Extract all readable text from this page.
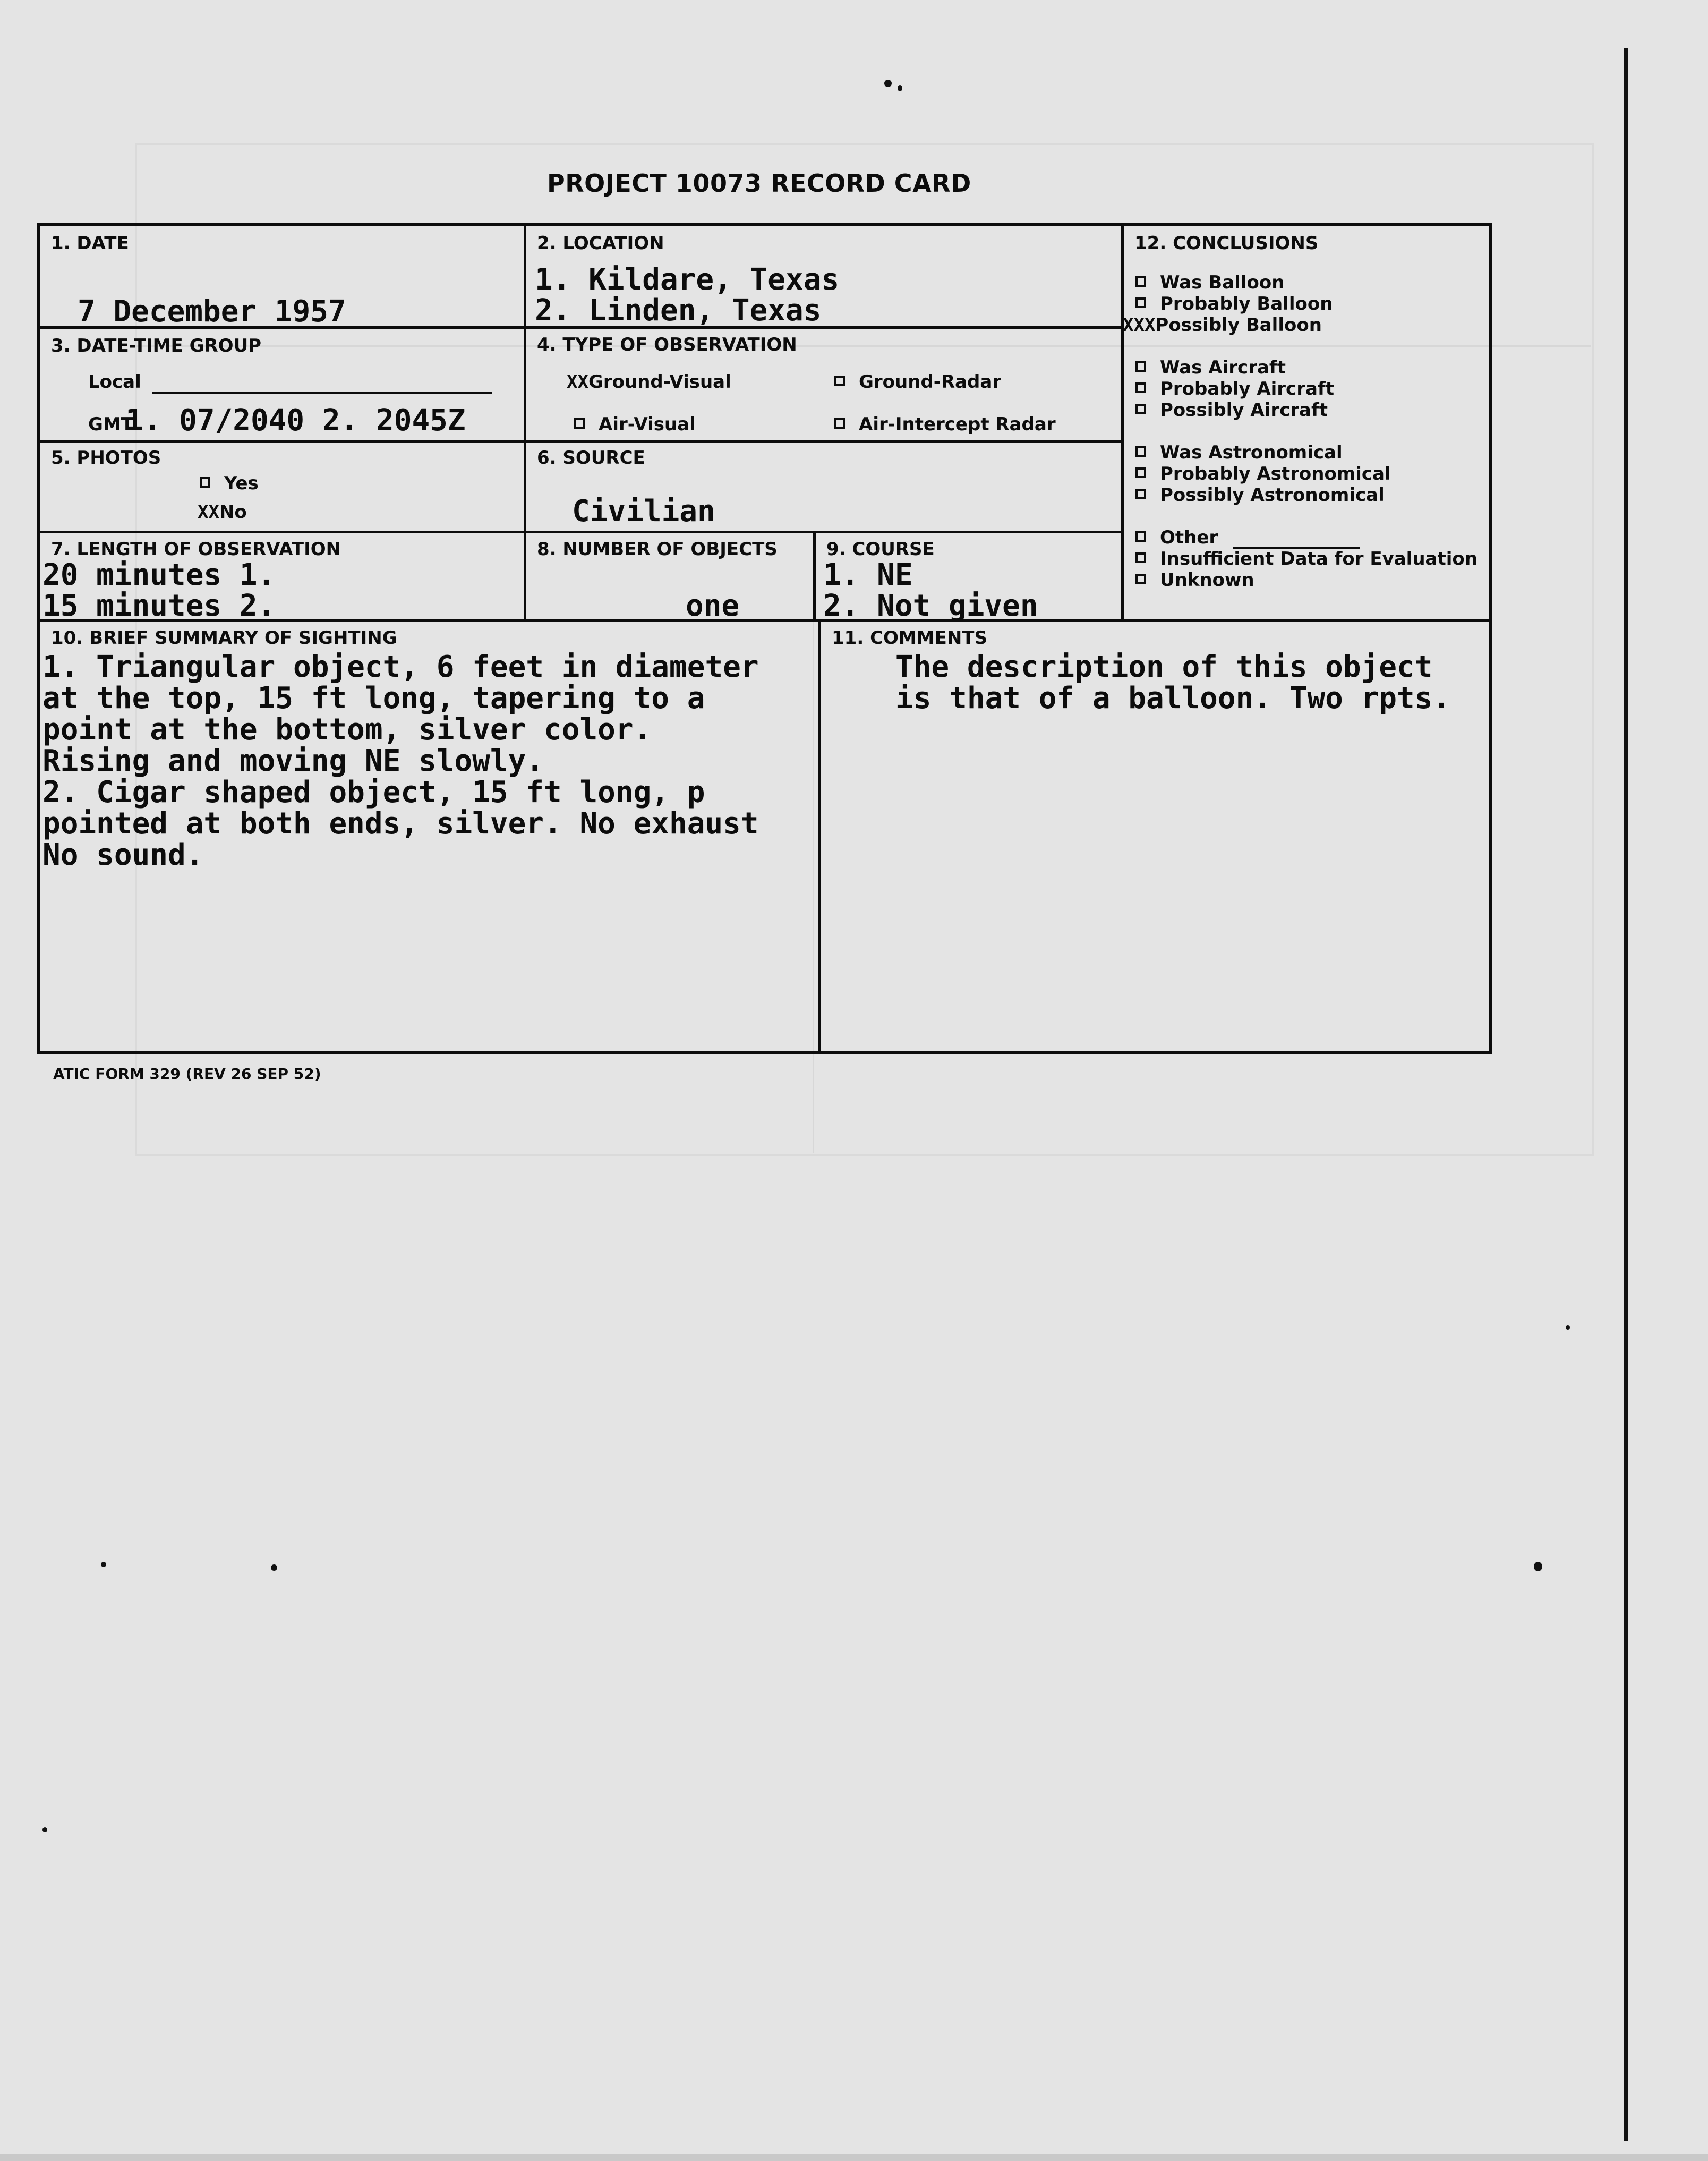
PROJECT 10073 RECORD CARD
1. DATE
7 December 1957
2. LOCATION
1. Kildare, Texas
2. Linden, Texas
12. CONCLUSIONS
Was Balloon
Probably Balloon
XXXPossibly Balloon
Was Aircraft
Probably Aircraft
Possibly Aircraft
Was Astronomical
Probably Astronomical
Possibly Astronomical
Other
Insufficient Data for Evaluation
Unknown
3. DATE-TIME GROUP
Local
GMT
1. 07/2040 2. 2045Z
4. TYPE OF OBSERVATION
XXGround-Visual	Ground-Radar
Air-Visual	Air-Intercept Radar
5. PHOTOS
Yes
XXNo
6. SOURCE
Civilian
7. LENGTH OF OBSERVATION
20 minutes 1.
15 minutes 2.
8. NUMBER OF OBJECTS
one
9. COURSE
1. NE
2. Not given
10. BRIEF SUMMARY OF SIGHTING
1. Triangular object, 6 feet in diameter
at the top, 15 ft long, tapering to a
point at the bottom, silver color.
Rising and moving NE slowly.
2. Cigar shaped object, 15 ft long, p
pointed at both ends, silver. No exhaust
No sound.
11. COMMENTS
The description of this object
is that of a balloon. Two rpts.
ATIC FORM 329 (REV 26 SEP 52)
